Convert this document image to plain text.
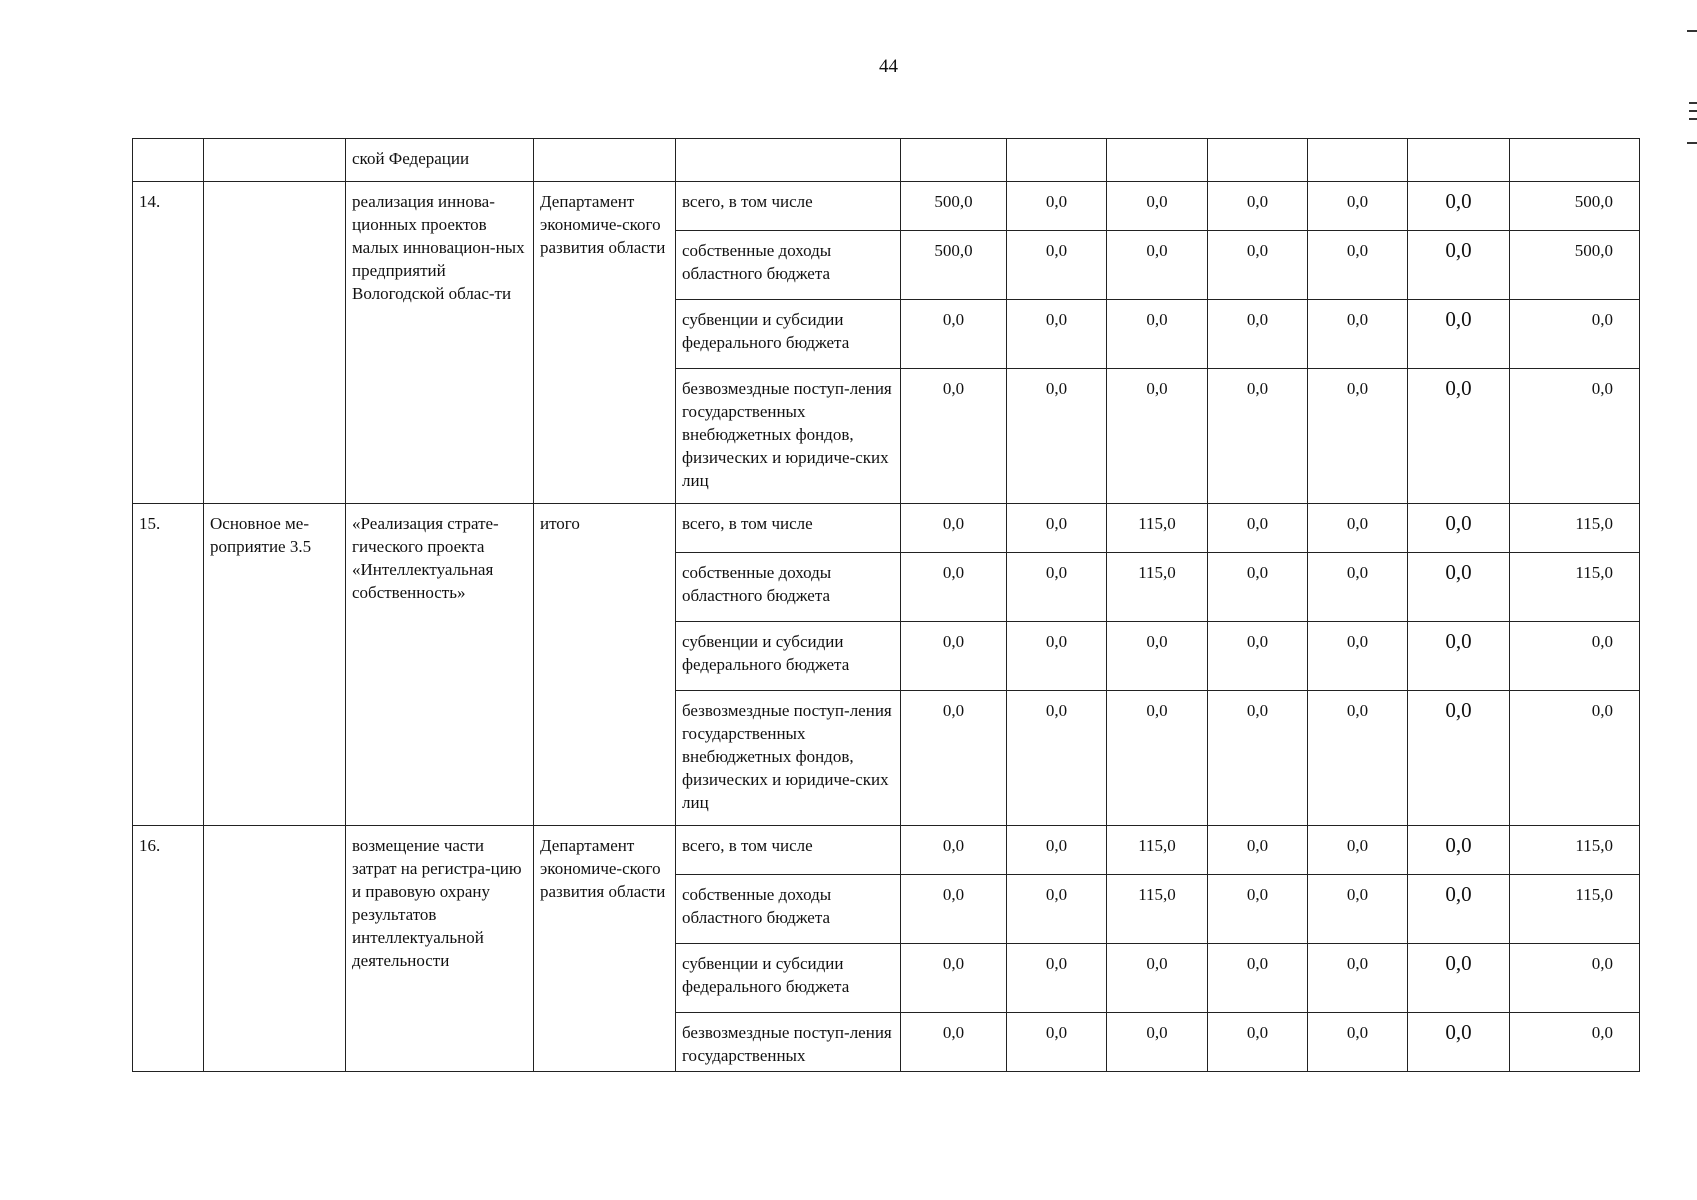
44
		ской Федерации									
14.		реализация иннова-ционных проектов малых инновацион-ных предприятий Вологодской облас-ти	Департамент экономиче-ского развития области	всего, в том числе	500,0	0,0	0,0	0,0	0,0	0,0	500,0
				собственные доходы областного бюджета	500,0	0,0	0,0	0,0	0,0	0,0	500,0
				субвенции и субсидии федерального бюджета	0,0	0,0	0,0	0,0	0,0	0,0	0,0
				безвозмездные поступ-ления государственных внебюджетных фондов, физических и юридиче-ских лиц	0,0	0,0	0,0	0,0	0,0	0,0	0,0
15.	Основное ме-роприятие 3.5	«Реализация страте-гического проекта «Интеллектуальная собственность»	итого	всего, в том числе	0,0	0,0	115,0	0,0	0,0	0,0	115,0
				собственные доходы областного бюджета	0,0	0,0	115,0	0,0	0,0	0,0	115,0
				субвенции и субсидии федерального бюджета	0,0	0,0	0,0	0,0	0,0	0,0	0,0
				безвозмездные поступ-ления государственных внебюджетных фондов, физических и юридиче-ских лиц	0,0	0,0	0,0	0,0	0,0	0,0	0,0
16.		возмещение части затрат на регистра-цию и правовую охрану результатов интеллектуальной деятельности	Департамент экономиче-ского развития области	всего, в том числе	0,0	0,0	115,0	0,0	0,0	0,0	115,0
				собственные доходы областного бюджета	0,0	0,0	115,0	0,0	0,0	0,0	115,0
				субвенции и субсидии федерального бюджета	0,0	0,0	0,0	0,0	0,0	0,0	0,0
				безвозмездные поступ-ления государственных	0,0	0,0	0,0	0,0	0,0	0,0	0,0
